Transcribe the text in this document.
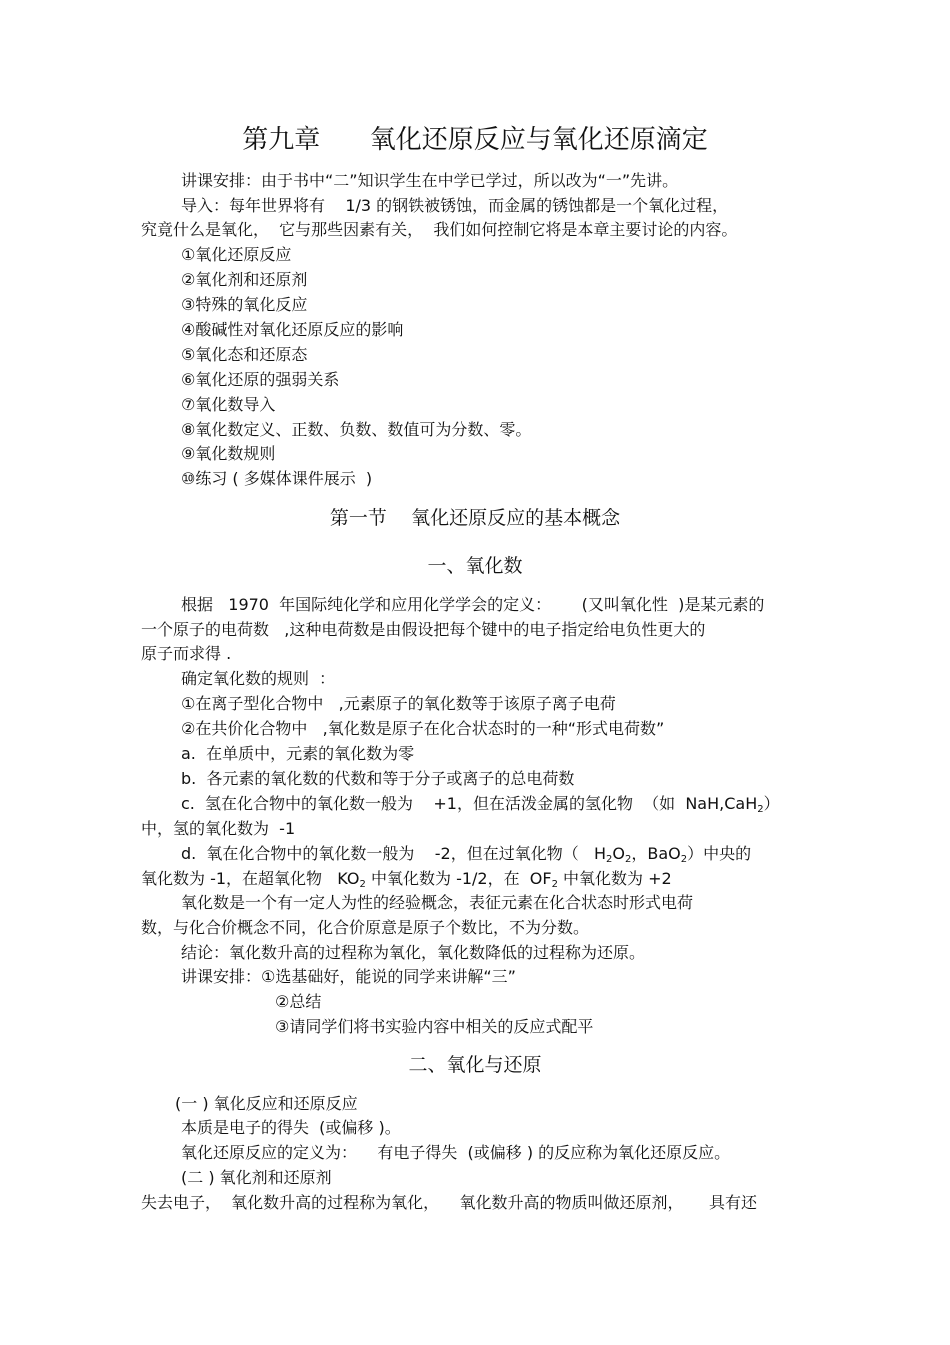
第九章      氧化还原反应与氧化还原滴定
讲课安排：由于书中“二”知识学生在中学已学过，所以改为“一”先讲。
导入：每年世界将有    1/3 的钢铁被锈蚀，而金属的锈蚀都是一个氧化过程，
究竟什么是氧化，  它与那些因素有关，  我们如何控制它将是本章主要讨论的内容。
①氧化还原反应
②氧化剂和还原剂
③特殊的氧化反应
④酸碱性对氧化还原反应的影响
⑤氧化态和还原态
⑥氧化还原的强弱关系
⑦氧化数导入
⑧氧化数定义、正数、负数、数值可为分数、零。
⑨氧化数规则
⑩练习 ( 多媒体课件展示  )
第一节    氧化还原反应的基本概念
一、氧化数
根据   1970  年国际纯化学和应用化学学会的定义：      (又叫氧化性  )是某元素的
一个原子的电荷数   ,这种电荷数是由假设把每个键中的电子指定给电负性更大的
原子而求得 .
确定氧化数的规则  ：
①在离子型化合物中   ,元素原子的氧化数等于该原子离子电荷
②在共价化合物中   ,氧化数是原子在化合状态时的一种“形式电荷数”
a.  在单质中，元素的氧化数为零
b.  各元素的氧化数的代数和等于分子或离子的总电荷数
c.  氢在化合物中的氧化数一般为    +1，但在活泼金属的氢化物  （如  NaH,CaH$_2$）
中，氢的氧化数为  -1
d.  氧在化合物中的氧化数一般为    -2，但在过氧化物（   $H_2O_2$，BaO$_2$）中央的
氧化数为 -1，在超氧化物   $KO_2$ 中氧化数为 -1/2，在  $OF_2$ 中氧化数为 +2
氧化数是一个有一定人为性的经验概念，表征元素在化合状态时形式电荷
数，与化合价概念不同，化合价原意是原子个数比，不为分数。
结论：氧化数升高的过程称为氧化，氧化数降低的过程称为还原。
讲课安排：①选基础好，能说的同学来讲解“三”
②总结
③请同学们将书实验内容中相关的反应式配平
二、氧化与还原
(一 ) 氧化反应和还原反应
本质是电子的得失  (或偏移 )。
氧化还原反应的定义为：    有电子得失  (或偏移 ) 的反应称为氧化还原反应。
(二 ) 氧化剂和还原剂
失去电子，  氧化数升高的过程称为氧化，    氧化数升高的物质叫做还原剂，     具有还
